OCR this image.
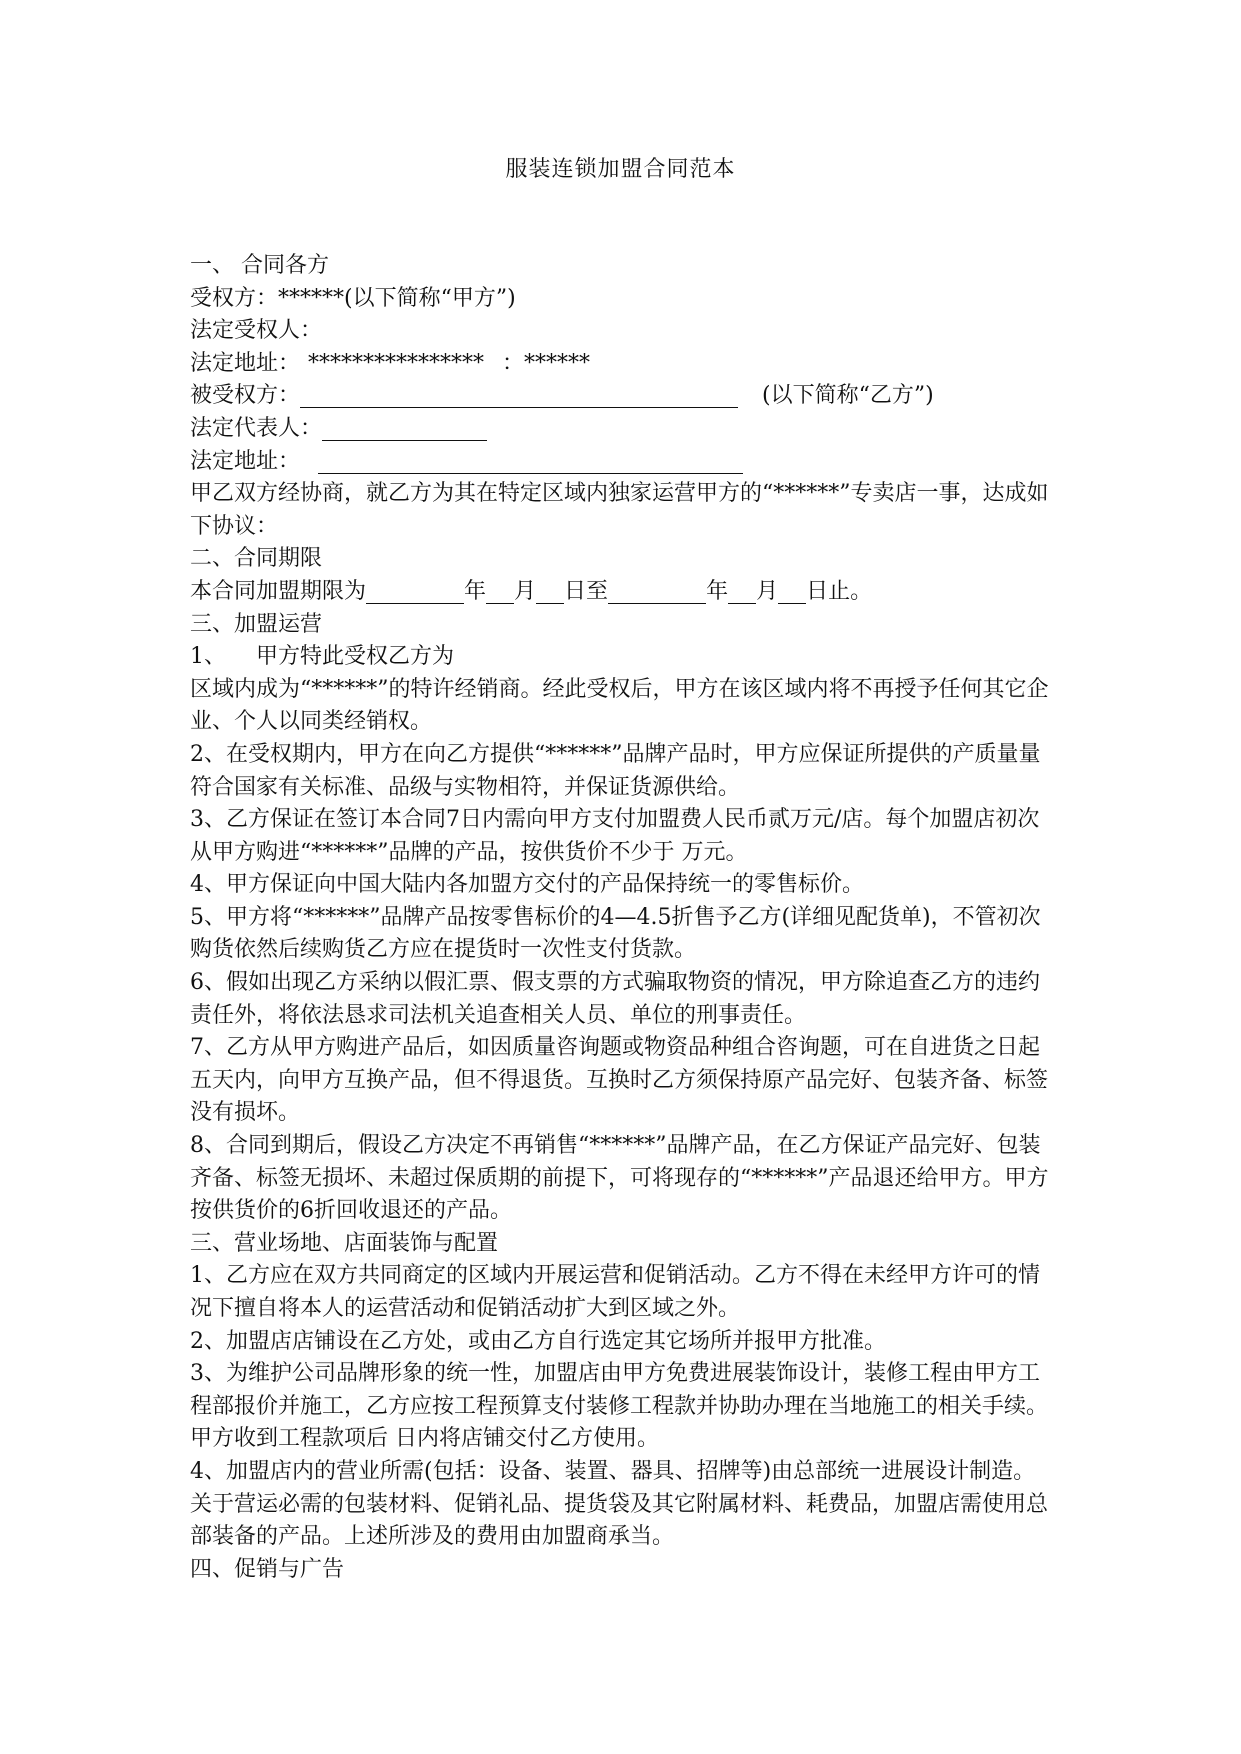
服装连锁加盟合同范本

一、 合同各方

受权方：******(以下简称“甲方”)

法定受权人：

法定地址： **************** ：******

被受权方：	(以下简称“乙方”)

法定代表人：

法定地址：

甲乙双方经协商，就乙方为其在特定区域内独家运营甲方的“******”专卖店一事，达成如下协议：

二、合同期限

本合同加盟期限为	年 月 日至	年 月 日止。

三、加盟运营

1、 甲方特此受权乙方为

区域内成为“******”的特许经销商。经此受权后，甲方在该区域内将不再授予任何其它企业、个人以同类经销权。

2、在受权期内，甲方在向乙方提供“******”品牌产品时，甲方应保证所提供的产质量量符合国家有关标准、品级与实物相符，并保证货源供给。

3、乙方保证在签订本合同7日内需向甲方支付加盟费人民币贰万元/店。每个加盟店初次从甲方购进“******”品牌的产品，按供货价不少于 万元。

4、甲方保证向中国大陆内各加盟方交付的产品保持统一的零售标价。

5、甲方将“******”品牌产品按零售标价的4—4.5折售予乙方(详细见配货单)，不管初次购货依然后续购货乙方应在提货时一次性支付货款。

6、假如出现乙方采纳以假汇票、假支票的方式骗取物资的情况，甲方除追查乙方的违约责任外，将依法恳求司法机关追查相关人员、单位的刑事责任。

7、乙方从甲方购进产品后，如因质量咨询题或物资品种组合咨询题，可在自进货之日起五天内，向甲方互换产品，但不得退货。互换时乙方须保持原产品完好、包装齐备、标签没有损坏。

8、合同到期后，假设乙方决定不再销售“******”品牌产品，在乙方保证产品完好、包装齐备、标签无损坏、未超过保质期的前提下，可将现存的“******”产品退还给甲方。甲方按供货价的6折回收退还的产品。

三、营业场地、店面装饰与配置

1、乙方应在双方共同商定的区域内开展运营和促销活动。乙方不得在未经甲方许可的情况下擅自将本人的运营活动和促销活动扩大到区域之外。

2、加盟店店铺设在乙方处，或由乙方自行选定其它场所并报甲方批准。

3、为维护公司品牌形象的统一性，加盟店由甲方免费进展装饰设计，装修工程由甲方工程部报价并施工，乙方应按工程预算支付装修工程款并协助办理在当地施工的相关手续。甲方收到工程款项后 日内将店铺交付乙方使用。

4、加盟店内的营业所需(包括：设备、装置、器具、招牌等)由总部统一进展设计制造。关于营运必需的包装材料、促销礼品、提货袋及其它附属材料、耗费品，加盟店需使用总部装备的产品。上述所涉及的费用由加盟商承当。

四、促销与广告
